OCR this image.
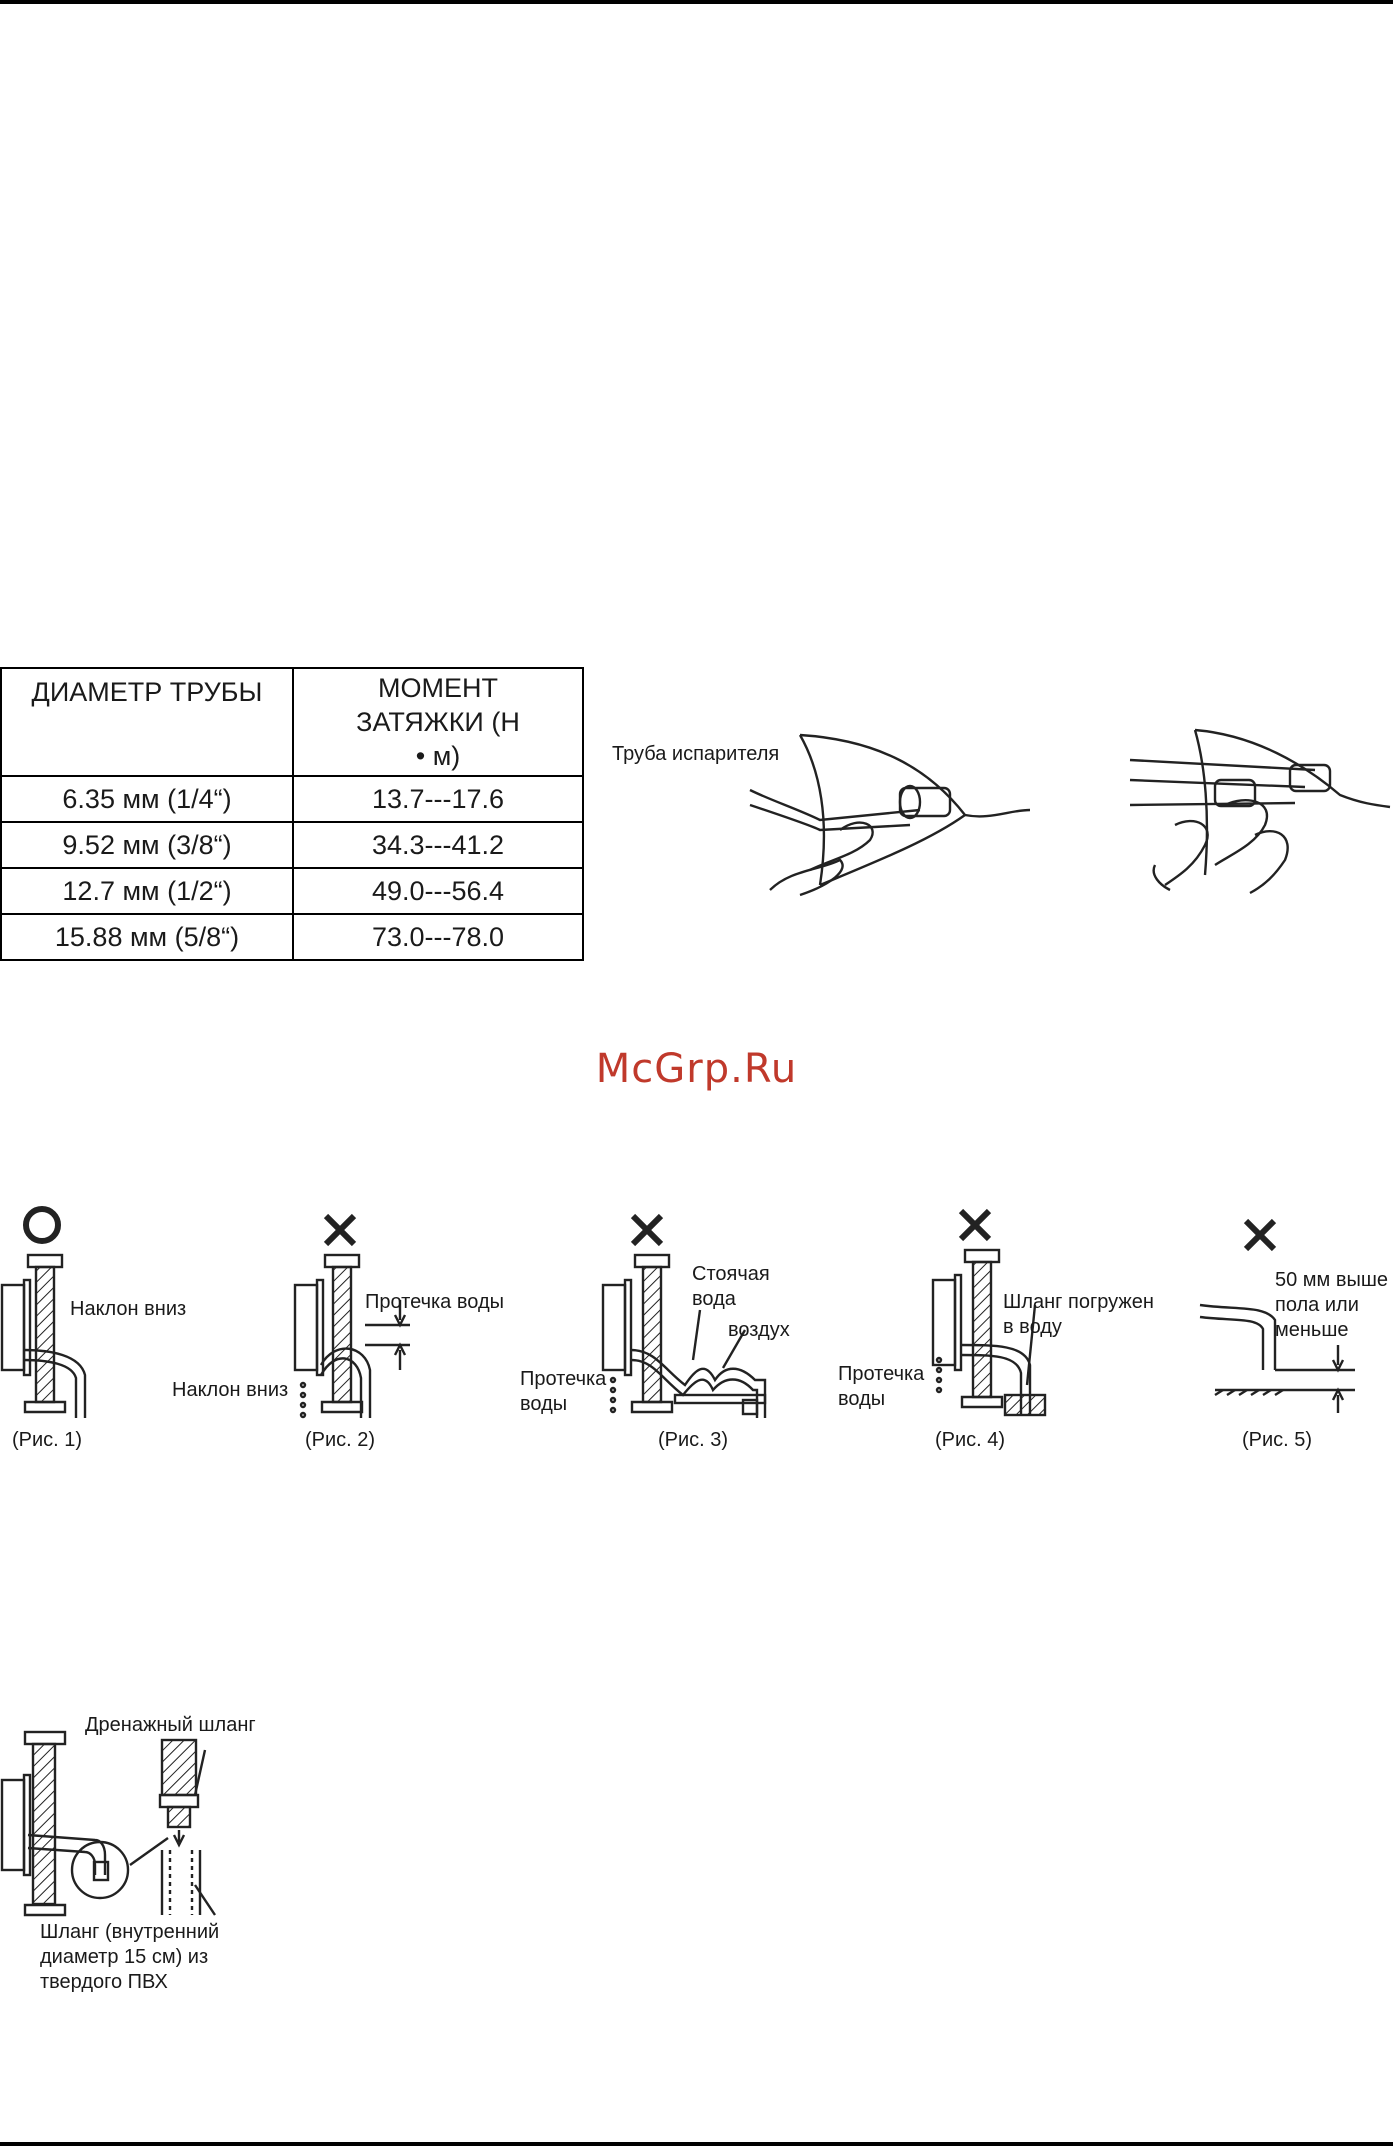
ДИАМЕТР ТРУБЫ	МОМЕНТ ЗАТЯЖКИ (Н • м)
6.35 мм (1/4“)	13.7---17.6
9.52 мм (3/8“)	34.3---41.2
12.7 мм (1/2“)	49.0---56.4
15.88 мм (5/8“)	73.0---78.0
Труба испарителя
McGrp.Ru
Наклон вниз
(Рис. 1)
Протечка воды
Наклон вниз
(Рис. 2)
Стоячая вода
воздух
Протечка воды
(Рис. 3)
Шланг погружен в воду
Протечка воды
(Рис. 4)
50 мм выше пола или меньше
(Рис. 5)
Дренажный шланг
Шланг (внутренний диаметр 15 см) из твердого ПВХ
